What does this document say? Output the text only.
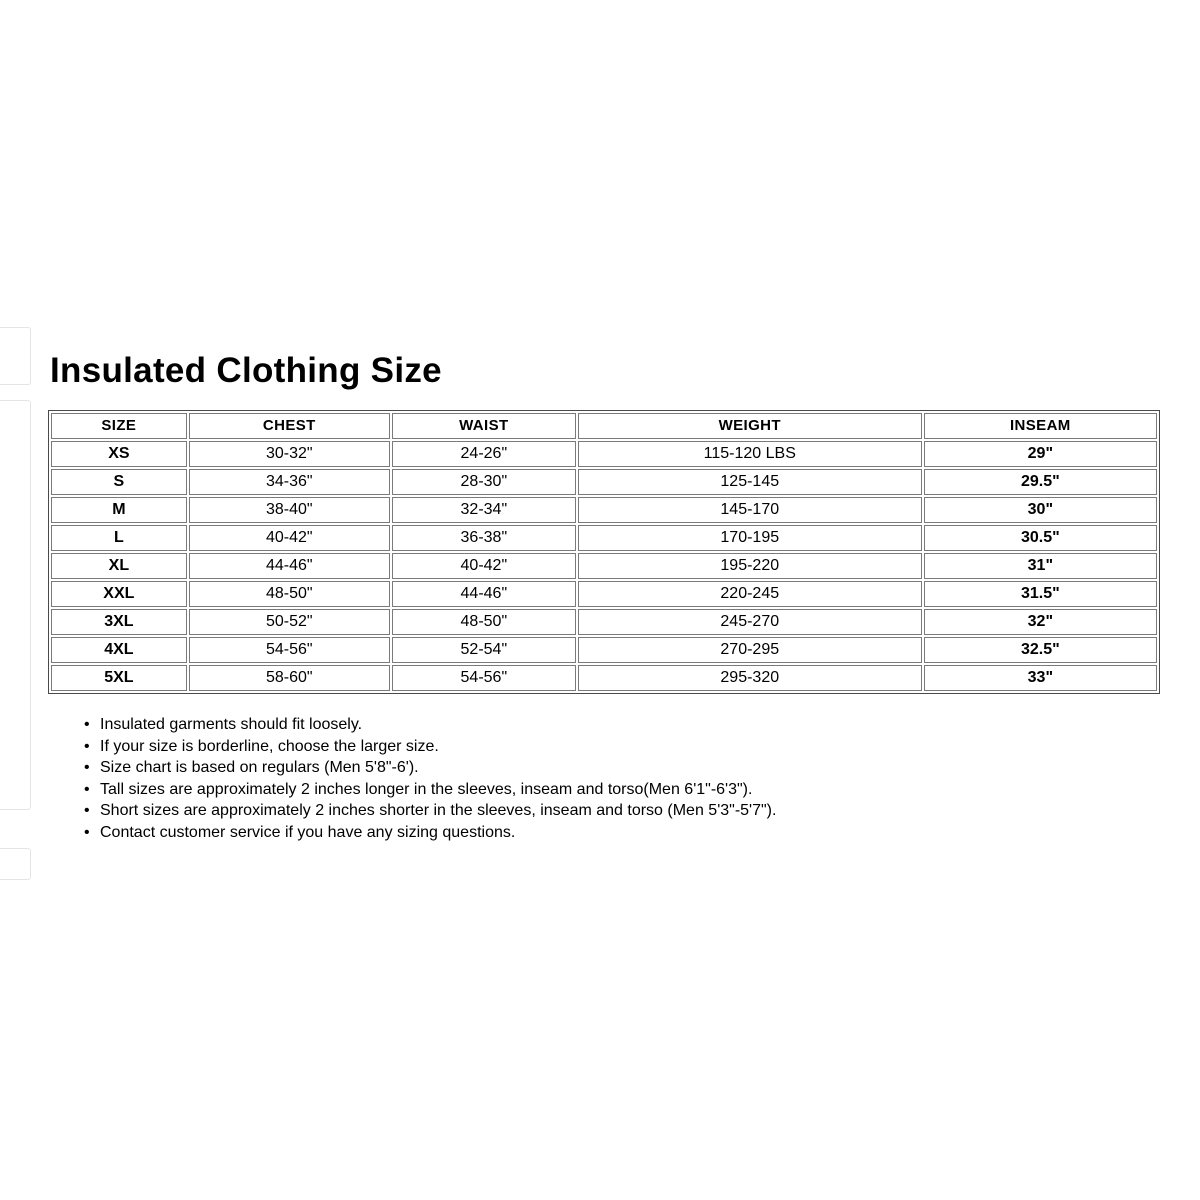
Insulated Clothing Size
SIZE	CHEST	WAIST	WEIGHT	INSEAM
XS	30-32"	24-26"	115-120 LBS	29"
S	34-36"	28-30"	125-145	29.5"
M	38-40"	32-34"	145-170	30"
L	40-42"	36-38"	170-195	30.5"
XL	44-46"	40-42"	195-220	31"
XXL	48-50"	44-46"	220-245	31.5"
3XL	50-52"	48-50"	245-270	32"
4XL	54-56"	52-54"	270-295	32.5"
5XL	58-60"	54-56"	295-320	33"
• Insulated garments should fit loosely.
• If your size is borderline, choose the larger size.
• Size chart is based on regulars (Men 5'8"-6').
• Tall sizes are approximately 2 inches longer in the sleeves, inseam and torso(Men 6'1"-6'3").
• Short sizes are approximately 2 inches shorter in the sleeves, inseam and torso (Men 5'3"-5'7").
• Contact customer service if you have any sizing questions.
